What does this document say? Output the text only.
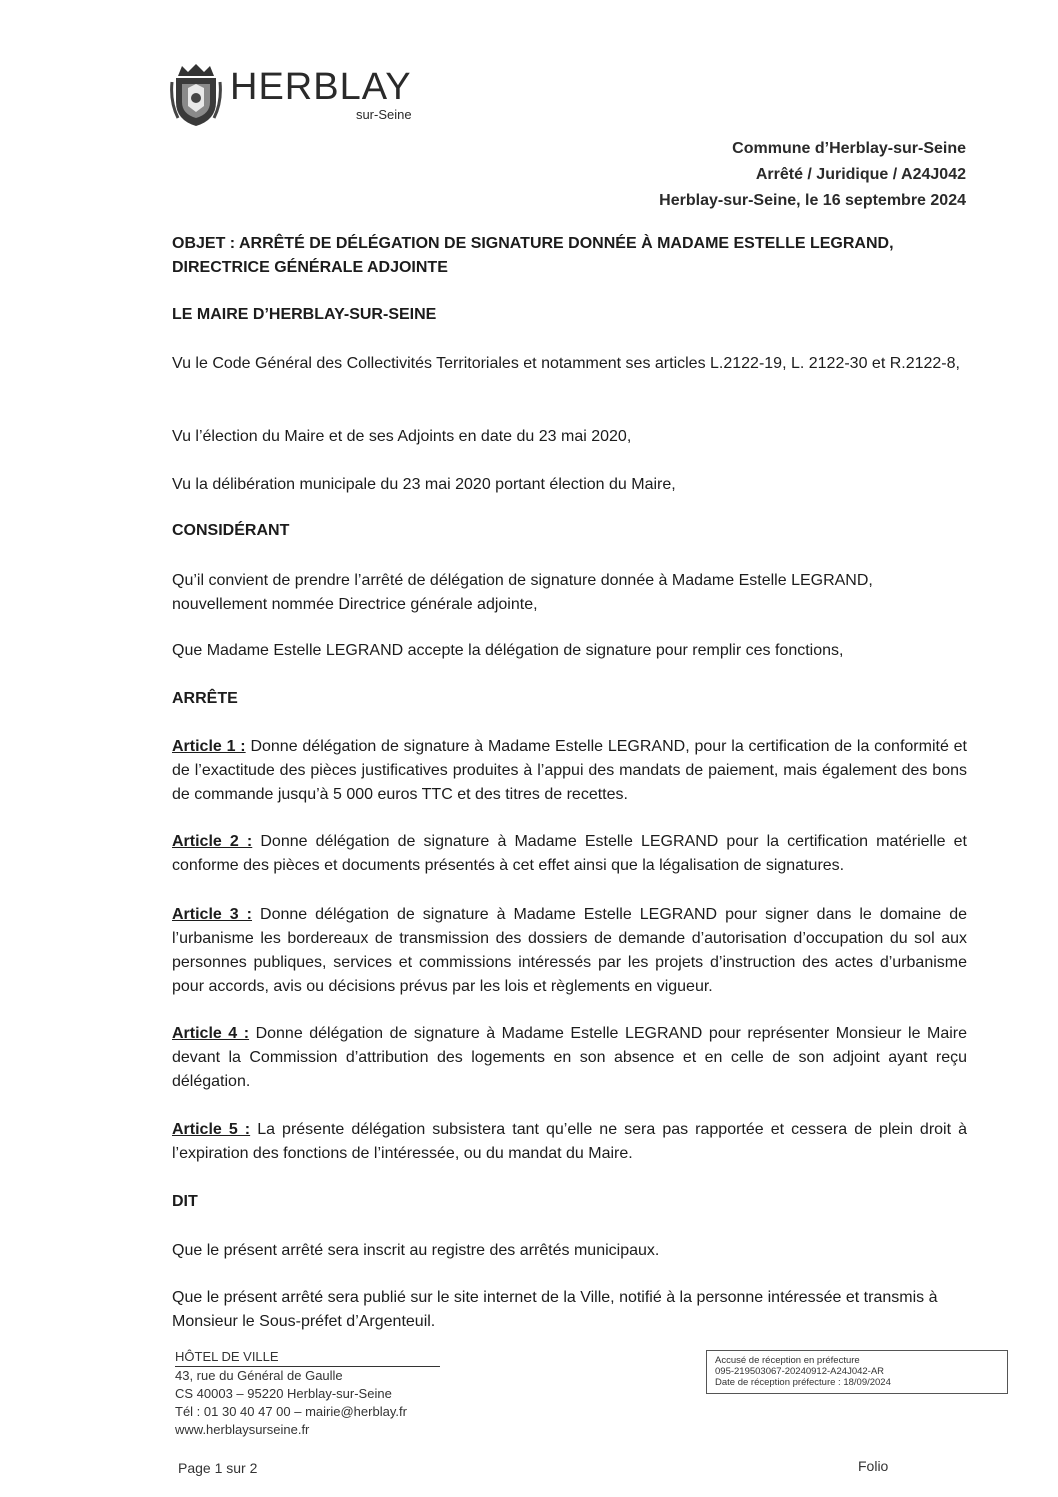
HERBLAY
sur-Seine
Commune d’Herblay-sur-Seine
Arrêté / Juridique / A24J042
Herblay-sur-Seine, le 16 septembre 2024
OBJET : ARRÊTÉ DE DÉLÉGATION DE SIGNATURE DONNÉE À MADAME ESTELLE LEGRAND, DIRECTRICE GÉNÉRALE ADJOINTE
LE MAIRE D’HERBLAY-SUR-SEINE
Vu le Code Général des Collectivités Territoriales et notamment ses articles L.2122-19, L. 2122-30 et R.2122-8,
Vu l’élection du Maire et de ses Adjoints en date du 23 mai 2020,
Vu la délibération municipale du 23 mai 2020 portant élection du Maire,
CONSIDÉRANT
Qu’il convient de prendre l’arrêté de délégation de signature donnée à Madame Estelle LEGRAND, nouvellement nommée Directrice générale adjointe,
Que Madame Estelle LEGRAND accepte la délégation de signature pour remplir ces fonctions,
ARRÊTE
Article 1 : Donne délégation de signature à Madame Estelle LEGRAND, pour la certification de la conformité et de l’exactitude des pièces justificatives produites à l’appui des mandats de paiement, mais également des bons de commande jusqu’à 5 000 euros TTC et des titres de recettes.
Article 2 : Donne délégation de signature à Madame Estelle LEGRAND pour la certification matérielle et conforme des pièces et documents présentés à cet effet ainsi que la légalisation de signatures.
Article 3 : Donne délégation de signature à Madame Estelle LEGRAND pour signer dans le domaine de l’urbanisme les bordereaux de transmission des dossiers de demande d’autorisation d’occupation du sol aux personnes publiques, services et commissions intéressés par les projets d’instruction des actes d’urbanisme pour accords, avis ou décisions prévus par les lois et règlements en vigueur.
Article 4 : Donne délégation de signature à Madame Estelle LEGRAND pour représenter Monsieur le Maire devant la Commission d’attribution des logements en son absence et en celle de son adjoint ayant reçu délégation.
Article 5 : La présente délégation subsistera tant qu’elle ne sera pas rapportée et cessera de plein droit à l’expiration des fonctions de l’intéressée, ou du mandat du Maire.
DIT
Que le présent arrêté sera inscrit au registre des arrêtés municipaux.
Que le présent arrêté sera publié sur le site internet de la Ville, notifié à la personne intéressée et transmis à Monsieur le Sous-préfet d’Argenteuil.
HÔTEL DE VILLE
43, rue du Général de Gaulle
CS 40003 – 95220 Herblay-sur-Seine
Tél : 01 30 40 47 00 – mairie@herblay.fr
www.herblaysurseine.fr
Accusé de réception en préfecture
095-219503067-20240912-A24J042-AR
Date de réception préfecture : 18/09/2024
Page 1 sur 2	Folio
